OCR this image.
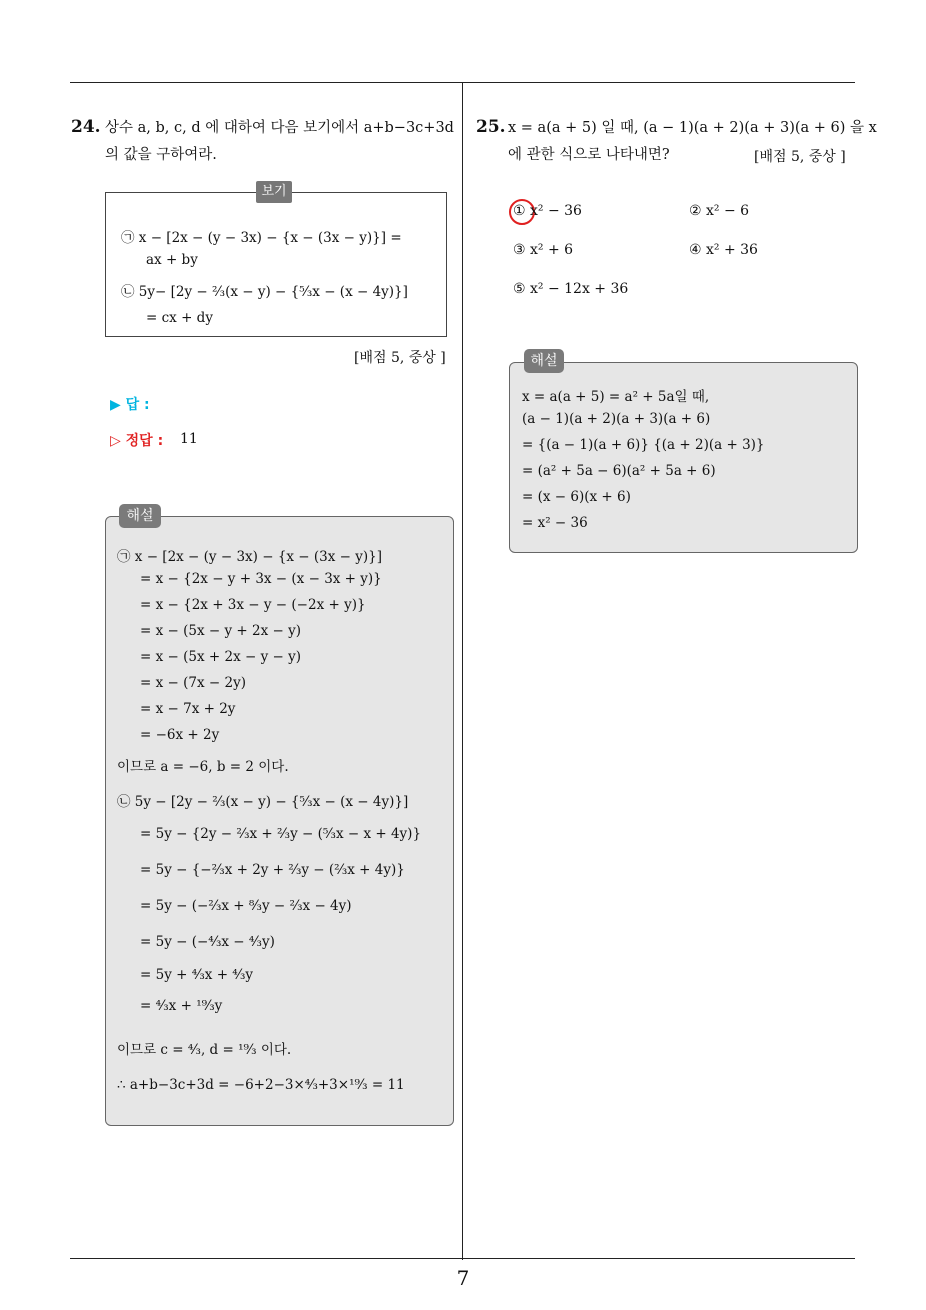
7
24. 상수 a, b, c, d 에 대하여 다음 보기에서 a+b−3c+3d
의 값을 구하여라.
보기
㉠ x − [2x − (y − 3x) − {x − (3x − y)}] =
ax + by
㉡ 5y− [2y − ²⁄₃(x − y) − {⁵⁄₃x − (x − 4y)}]
= cx + dy
[배점 5, 중상 ]
▶ 답 :
▷ 정답 : 11
해설
㉠ x − [2x − (y − 3x) − {x − (3x − y)}]
= x − {2x − y + 3x − (x − 3x + y)}
= x − {2x + 3x − y − (−2x + y)}
= x − (5x − y + 2x − y)
= x − (5x + 2x − y − y)
= x − (7x − 2y)
= x − 7x + 2y
= −6x + 2y
이므로 a = −6, b = 2 이다.
㉡ 5y − [2y − ²⁄₃(x − y) − {⁵⁄₃x − (x − 4y)}]
= 5y − {2y − ²⁄₃x + ²⁄₃y − (⁵⁄₃x − x + 4y)}
= 5y − {−²⁄₃x + 2y + ²⁄₃y − (²⁄₃x + 4y)}
= 5y − (−²⁄₃x + ⁸⁄₃y − ²⁄₃x − 4y)
= 5y − (−⁴⁄₃x − ⁴⁄₃y)
= 5y + ⁴⁄₃x + ⁴⁄₃y
= ⁴⁄₃x + ¹⁹⁄₃y
이므로 c = ⁴⁄₃, d = ¹⁹⁄₃ 이다.
∴ a+b−3c+3d = −6+2−3×⁴⁄₃+3×¹⁹⁄₃ = 11
25. x = a(a + 5) 일 때, (a − 1)(a + 2)(a + 3)(a + 6) 을 x
에 관한 식으로 나타내면?	[배점 5, 중상 ]
① x² − 36	② x² − 6
③ x² + 6	④ x² + 36
⑤ x² − 12x + 36
해설
x = a(a + 5) = a² + 5a일 때,
(a − 1)(a + 2)(a + 3)(a + 6)
= {(a − 1)(a + 6)} {(a + 2)(a + 3)}
= (a² + 5a − 6)(a² + 5a + 6)
= (x − 6)(x + 6)
= x² − 36
